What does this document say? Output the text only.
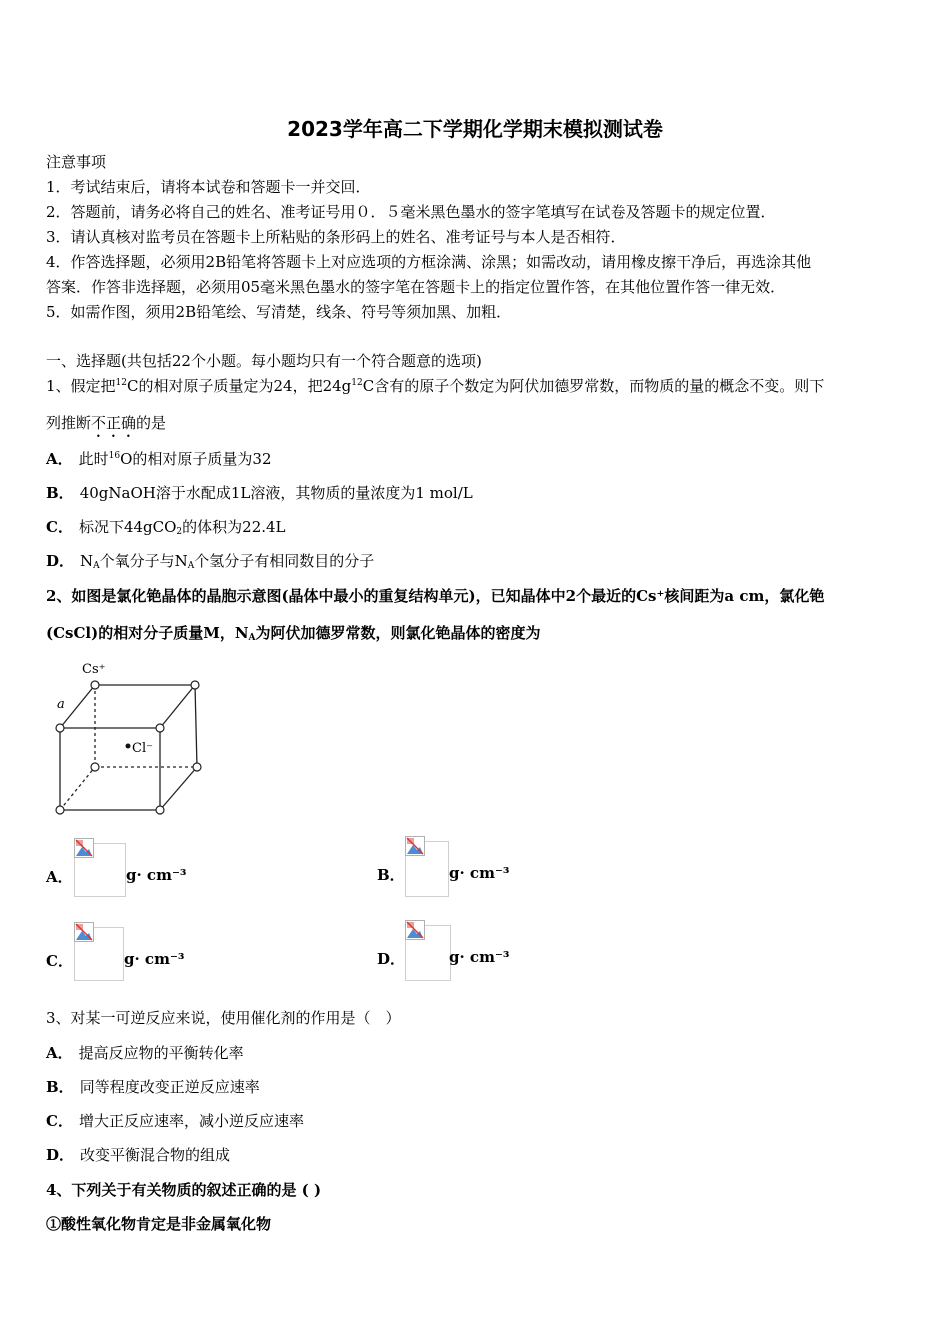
2023学年高二下学期化学期末模拟测试卷
注意事项
1．考试结束后，请将本试卷和答题卡一并交回．
2．答题前，请务必将自己的姓名、准考证号用０．５毫米黑色墨水的签字笔填写在试卷及答题卡的规定位置．
3．请认真核对监考员在答题卡上所粘贴的条形码上的姓名、准考证号与本人是否相符．
4．作答选择题，必须用2B铅笔将答题卡上对应选项的方框涂满、涂黑；如需改动，请用橡皮擦干净后，再选涂其他
答案．作答非选择题，必须用05毫米黑色墨水的签字笔在答题卡上的指定位置作答，在其他位置作答一律无效．
5．如需作图，须用2B铅笔绘、写清楚，线条、符号等须加黑、加粗．
一、选择题(共包括22个小题。每小题均只有一个符合题意的选项)
1、假定把$^{12}$C的相对原子质量定为24，把$24g^{12}C$含有的原子个数定为阿伏加德罗常数，而物质的量的概念不变。则下
列推断不正确的是
A． 此时$^{16}$O的相对原子质量为32
B． 40gNaOH溶于水配成1L溶液，其物质的量浓度为1 mol/L
C． 标况下44gCO$_2$的体积为22.4L
D． $N_A$个氧分子与$N_A$个氢分子有相同数目的分子
2、如图是氯化铯晶体的晶胞示意图(晶体中最小的重复结构单元)，已知晶体中2个最近的Cs⁺核间距为a cm，氯化铯
(CsCl)的相对分子质量M，$N_A$为阿伏加德罗常数，则氯化铯晶体的密度为
Cs⁺
Cl⁻
a
A．	g· cm⁻³	B．	g· cm⁻³
C．	g· cm⁻³	D．	g· cm⁻³
3、对某一可逆反应来说，使用催化剂的作用是（　）
A． 提高反应物的平衡转化率
B． 同等程度改变正逆反应速率
C． 增大正反应速率，减小逆反应速率
D． 改变平衡混合物的组成
4、下列关于有关物质的叙述正确的是 ( )
①酸性氧化物肯定是非金属氧化物
